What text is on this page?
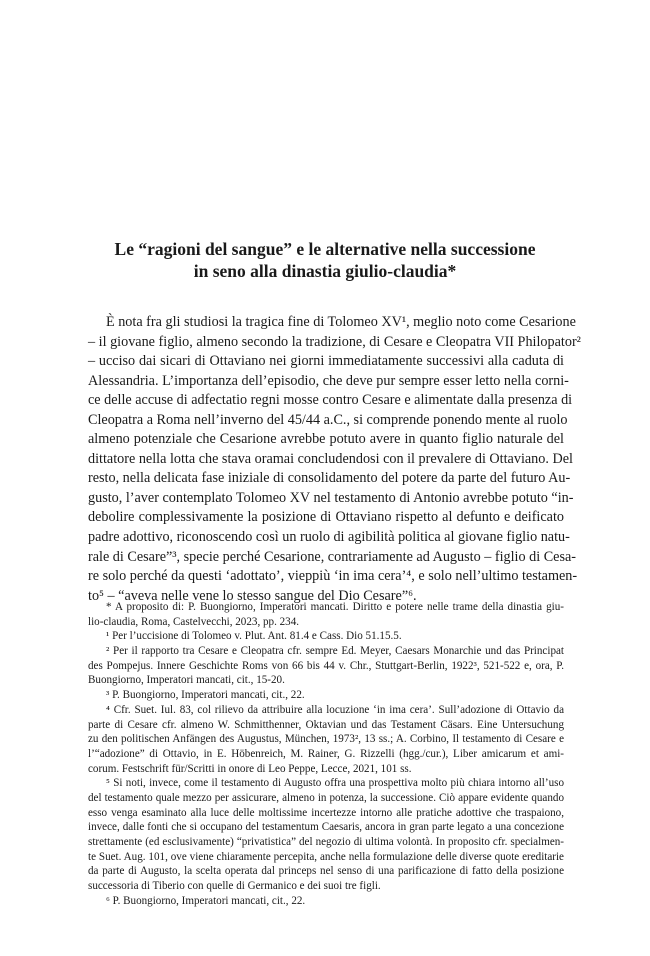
Le “ragioni del sangue” e le alternative nella successione
in seno alla dinastia giulio-claudia*
È nota fra gli studiosi la tragica fine di Tolomeo XV¹, meglio noto come Cesarione
– il giovane figlio, almeno secondo la tradizione, di Cesare e Cleopatra VII Philopator²
– ucciso dai sicari di Ottaviano nei giorni immediatamente successivi alla caduta di
Alessandria. L’importanza dell’episodio, che deve pur sempre esser letto nella corni-
ce delle accuse di adfectatio regni mosse contro Cesare e alimentate dalla presenza di
Cleopatra a Roma nell’inverno del 45/44 a.C., si comprende ponendo mente al ruolo
almeno potenziale che Cesarione avrebbe potuto avere in quanto figlio naturale del
dittatore nella lotta che stava oramai concludendosi con il prevalere di Ottaviano. Del
resto, nella delicata fase iniziale di consolidamento del potere da parte del futuro Au-
gusto, l’aver contemplato Tolomeo XV nel testamento di Antonio avrebbe potuto “in-
debolire complessivamente la posizione di Ottaviano rispetto al defunto e deificato
padre adottivo, riconoscendo così un ruolo di agibilità politica al giovane figlio natu-
rale di Cesare”³, specie perché Cesarione, contrariamente ad Augusto – figlio di Cesa-
re solo perché da questi ‘adottato’, vieppiù ‘in ima cera’⁴, e solo nell’ultimo testamen-
to⁵ – “aveva nelle vene lo stesso sangue del Dio Cesare”⁶.
* A proposito di: P. Buongiorno, Imperatori mancati. Diritto e potere nelle trame della dinastia giu-
lio-claudia, Roma, Castelvecchi, 2023, pp. 234.
¹ Per l’uccisione di Tolomeo v. Plut. Ant. 81.4 e Cass. Dio 51.15.5.
² Per il rapporto tra Cesare e Cleopatra cfr. sempre Ed. Meyer, Caesars Monarchie und das Principat
des Pompejus. Innere Geschichte Roms von 66 bis 44 v. Chr., Stuttgart-Berlin, 1922³, 521-522 e, ora, P.
Buongiorno, Imperatori mancati, cit., 15-20.
³ P. Buongiorno, Imperatori mancati, cit., 22.
⁴ Cfr. Suet. Iul. 83, col rilievo da attribuire alla locuzione ‘in ima cera’. Sull’adozione di Ottavio da
parte di Cesare cfr. almeno W. Schmitthenner, Oktavian und das Testament Cäsars. Eine Untersuchung
zu den politischen Anfängen des Augustus, München, 1973², 13 ss.; A. Corbino, Il testamento di Cesare e
l’“adozione” di Ottavio, in E. Höbenreich, M. Rainer, G. Rizzelli (hgg./cur.), Liber amicarum et ami-
corum. Festschrift für/Scritti in onore di Leo Peppe, Lecce, 2021, 101 ss.
⁵ Si noti, invece, come il testamento di Augusto offra una prospettiva molto più chiara intorno all’uso
del testamento quale mezzo per assicurare, almeno in potenza, la successione. Ciò appare evidente quando
esso venga esaminato alla luce delle moltissime incertezze intorno alle pratiche adottive che traspaiono,
invece, dalle fonti che si occupano del testamentum Caesaris, ancora in gran parte legato a una concezione
strettamente (ed esclusivamente) “privatistica” del negozio di ultima volontà. In proposito cfr. specialmen-
te Suet. Aug. 101, ove viene chiaramente percepita, anche nella formulazione delle diverse quote ereditarie
da parte di Augusto, la scelta operata dal princeps nel senso di una parificazione di fatto della posizione
successoria di Tiberio con quelle di Germanico e dei suoi tre figli.
⁶ P. Buongiorno, Imperatori mancati, cit., 22.
